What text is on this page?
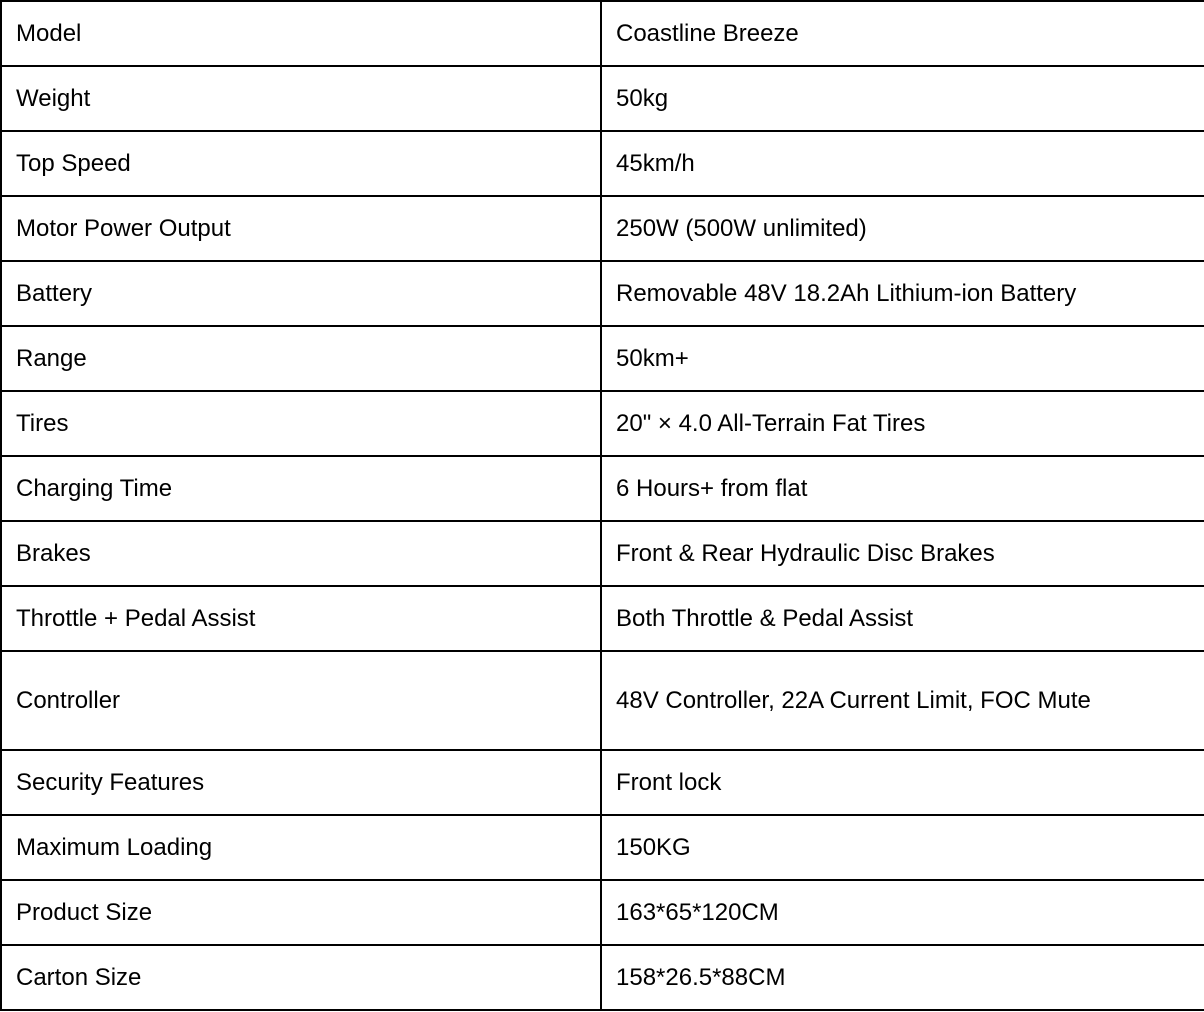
Model	Coastline Breeze
Weight	50kg
Top Speed	45km/h
Motor Power Output	250W (500W unlimited)
Battery	Removable 48V 18.2Ah Lithium-ion Battery
Range	50km+
Tires	20" × 4.0 All-Terrain Fat Tires
Charging Time	6 Hours+ from flat
Brakes	Front & Rear Hydraulic Disc Brakes
Throttle + Pedal Assist	Both Throttle & Pedal Assist
Controller	48V Controller, 22A Current Limit, FOC Mute
Security Features	Front lock
Maximum Loading	150KG
Product Size	163*65*120CM
Carton Size	158*26.5*88CM
